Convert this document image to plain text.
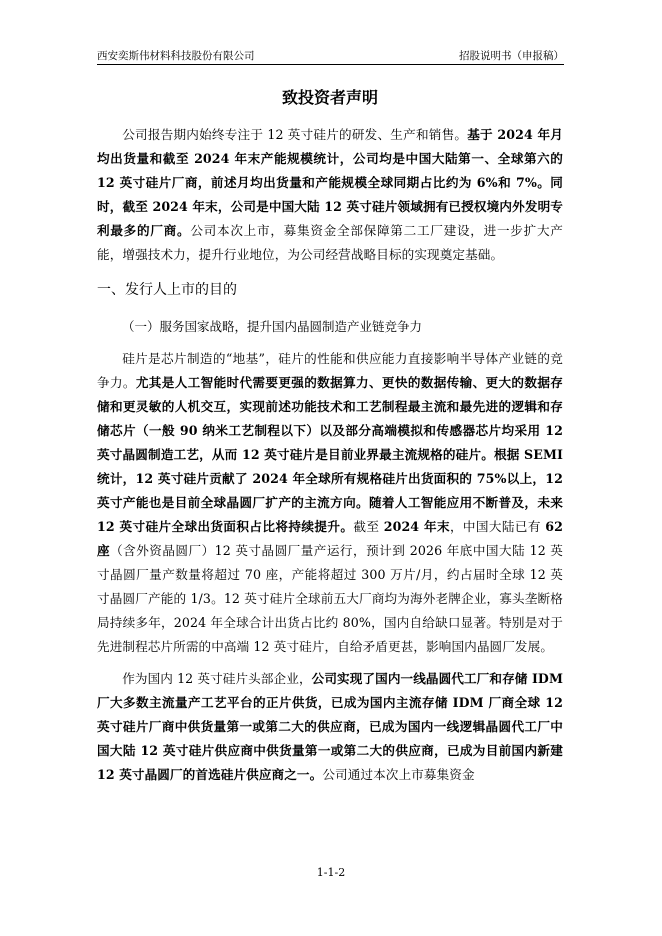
西安奕斯伟材料科技股份有限公司	招股说明书（申报稿）
致投资者声明

公司报告期内始终专注于 12 英寸硅片的研发、生产和销售。基于 2024 年月均出货量和截至 2024 年末产能规模统计，公司均是中国大陆第一、全球第六的 12 英寸硅片厂商，前述月均出货量和产能规模全球同期占比约为 6%和 7%。同时，截至 2024 年末，公司是中国大陆 12 英寸硅片领域拥有已授权境内外发明专利最多的厂商。公司本次上市，募集资金全部保障第二工厂建设，进一步扩大产能，增强技术力，提升行业地位，为公司经营战略目标的实现奠定基础。

一、发行人上市的目的
（一）服务国家战略，提升国内晶圆制造产业链竞争力

硅片是芯片制造的“地基”，硅片的性能和供应能力直接影响半导体产业链的竞争力。尤其是人工智能时代需要更强的数据算力、更快的数据传输、更大的数据存储和更灵敏的人机交互，实现前述功能技术和工艺制程最主流和最先进的逻辑和存储芯片（一般 90 纳米工艺制程以下）以及部分高端模拟和传感器芯片均采用 12 英寸晶圆制造工艺，从而 12 英寸硅片是目前业界最主流规格的硅片。根据 SEMI 统计，12 英寸硅片贡献了 2024 年全球所有规格硅片出货面积的 75%以上，12 英寸产能也是目前全球晶圆厂扩产的主流方向。随着人工智能应用不断普及，未来 12 英寸硅片全球出货面积占比将持续提升。截至 2024 年末，中国大陆已有 62 座（含外资晶圆厂）12 英寸晶圆厂量产运行，预计到 2026 年底中国大陆 12 英寸晶圆厂量产数量将超过 70 座，产能将超过 300 万片/月，约占届时全球 12 英寸晶圆厂产能的 1/3。12 英寸硅片全球前五大厂商均为海外老牌企业，寡头垄断格局持续多年，2024 年全球合计出货占比约 80%，国内自给缺口显著。特别是对于先进制程芯片所需的中高端 12 英寸硅片，自给矛盾更甚，影响国内晶圆厂发展。

作为国内 12 英寸硅片头部企业，公司实现了国内一线晶圆代工厂和存储 IDM 厂大多数主流量产工艺平台的正片供货，已成为国内主流存储 IDM 厂商全球 12 英寸硅片厂商中供货量第一或第二大的供应商，已成为国内一线逻辑晶圆代工厂中国大陆 12 英寸硅片供应商中供货量第一或第二大的供应商，已成为目前国内新建 12 英寸晶圆厂的首选硅片供应商之一。公司通过本次上市募集资金

1-1-2
